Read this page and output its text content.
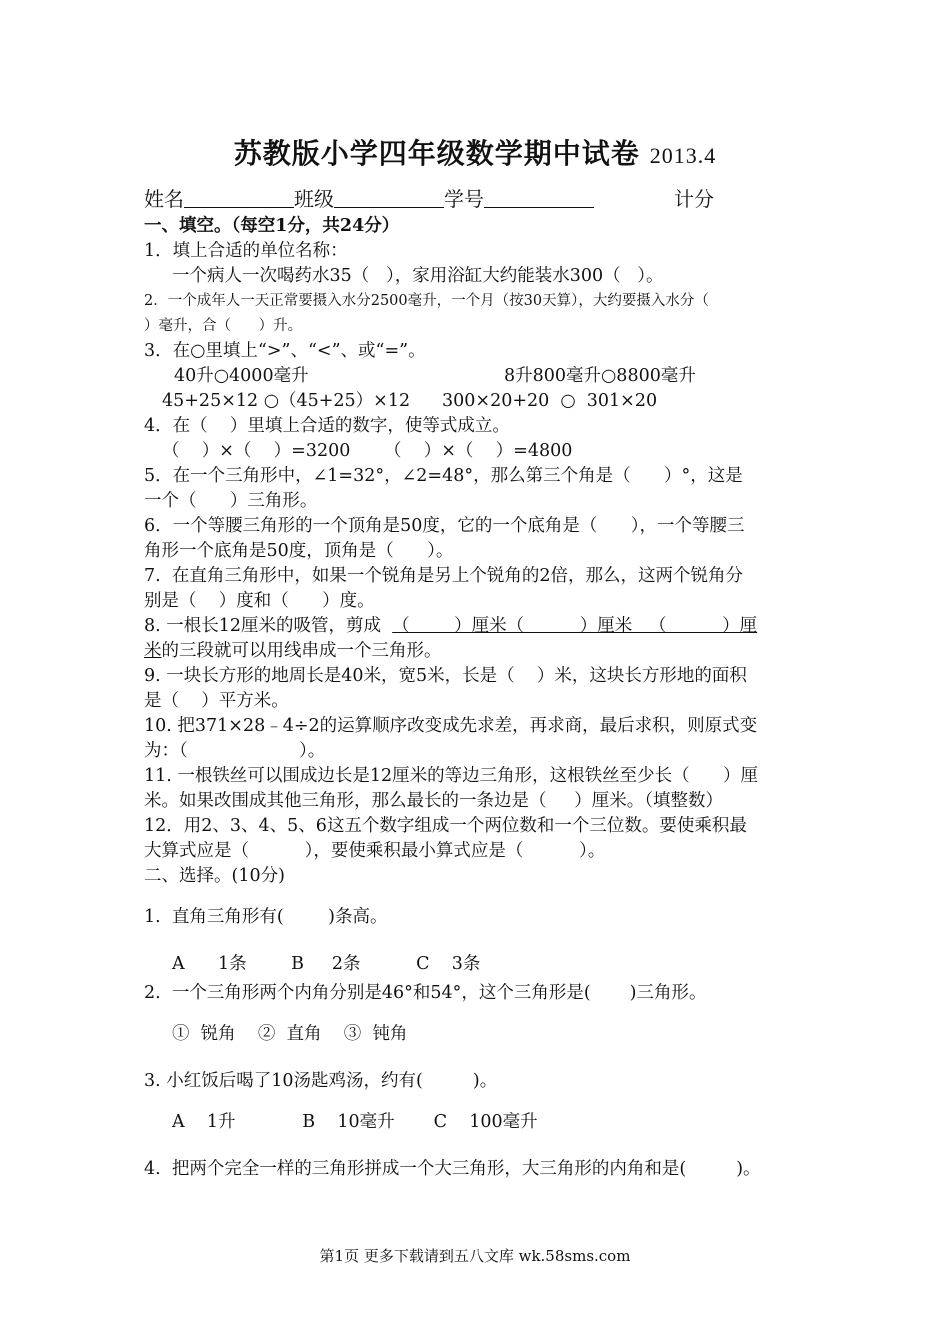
苏教版小学四年级数学期中试卷 2013.4

姓名	班级	学号	计分

一、填空。（每空1分，共24分）

1．填上合适的单位名称：

一个病人一次喝药水35（   ），家用浴缸大约能装水300（   ）。

2．一个成年人一天正常要摄入水分2500毫升，一个月（按30天算），大约要摄入水分（

）毫升，合（      ）升。

3．在○里填上“>”、“<”、或“=”。

40升○4000毫升	8升800毫升○8800毫升

45+25×12 ○（45+25）×12	300×20+20  ○  301×20

4．在（    ）里填上合适的数字，使等式成立。

（    ）×（    ）=3200	（    ）×（    ）=4800

5．在一个三角形中，∠1=32°，∠2=48°，那么第三个角是（      ）°，这是

一个（      ）三角形。

6．一个等腰三角形的一个顶角是50度，它的一个底角是（      ），一个等腰三

角形一个底角是50度，顶角是（      ）。

7.  在直角三角形中，如果一个锐角是另上个锐角的2倍，那么，这两个锐角分

别是（    ）度和（      ）度。

8. 一根长12厘米的吸管，剪成  （        ）厘米（          ）厘米   （          ）厘

米的三段就可以用线串成一个三角形。

9. 一块长方形的地周长是40米，宽5米，长是（    ）米，这块长方形地的面积

是（    ）平方米。

10. 把371×28﹣4÷2的运算顺序改变成先求差，再求商，最后求积，则原式变

为：（                    ）。

11. 一根铁丝可以围成边长是12厘米的等边三角形，这根铁丝至少长（      ）厘

米。如果改围成其他三角形，那么最长的一条边是（     ）厘米。（填整数）

12．用2、3、4、5、6这五个数字组成一个两位数和一个三位数。要使乘积最

大算式应是（          ），要使乘积最小算式应是（          ）。

二、选择。(10分)

1.  直角三角形有(        )条高。

A      1条        B     2条          C    3条

2.  一个三角形两个内角分别是46°和54°，这个三角形是(       )三角形。

①  锐角    ②  直角    ③  钝角

3. 小红饭后喝了10汤匙鸡汤，约有(         )。

A    1升            B    10毫升       C    100毫升

4.  把两个完全一样的三角形拼成一个大三角形，大三角形的内角和是(         )。

第1页 更多下载请到五八文库 wk.58sms.com
